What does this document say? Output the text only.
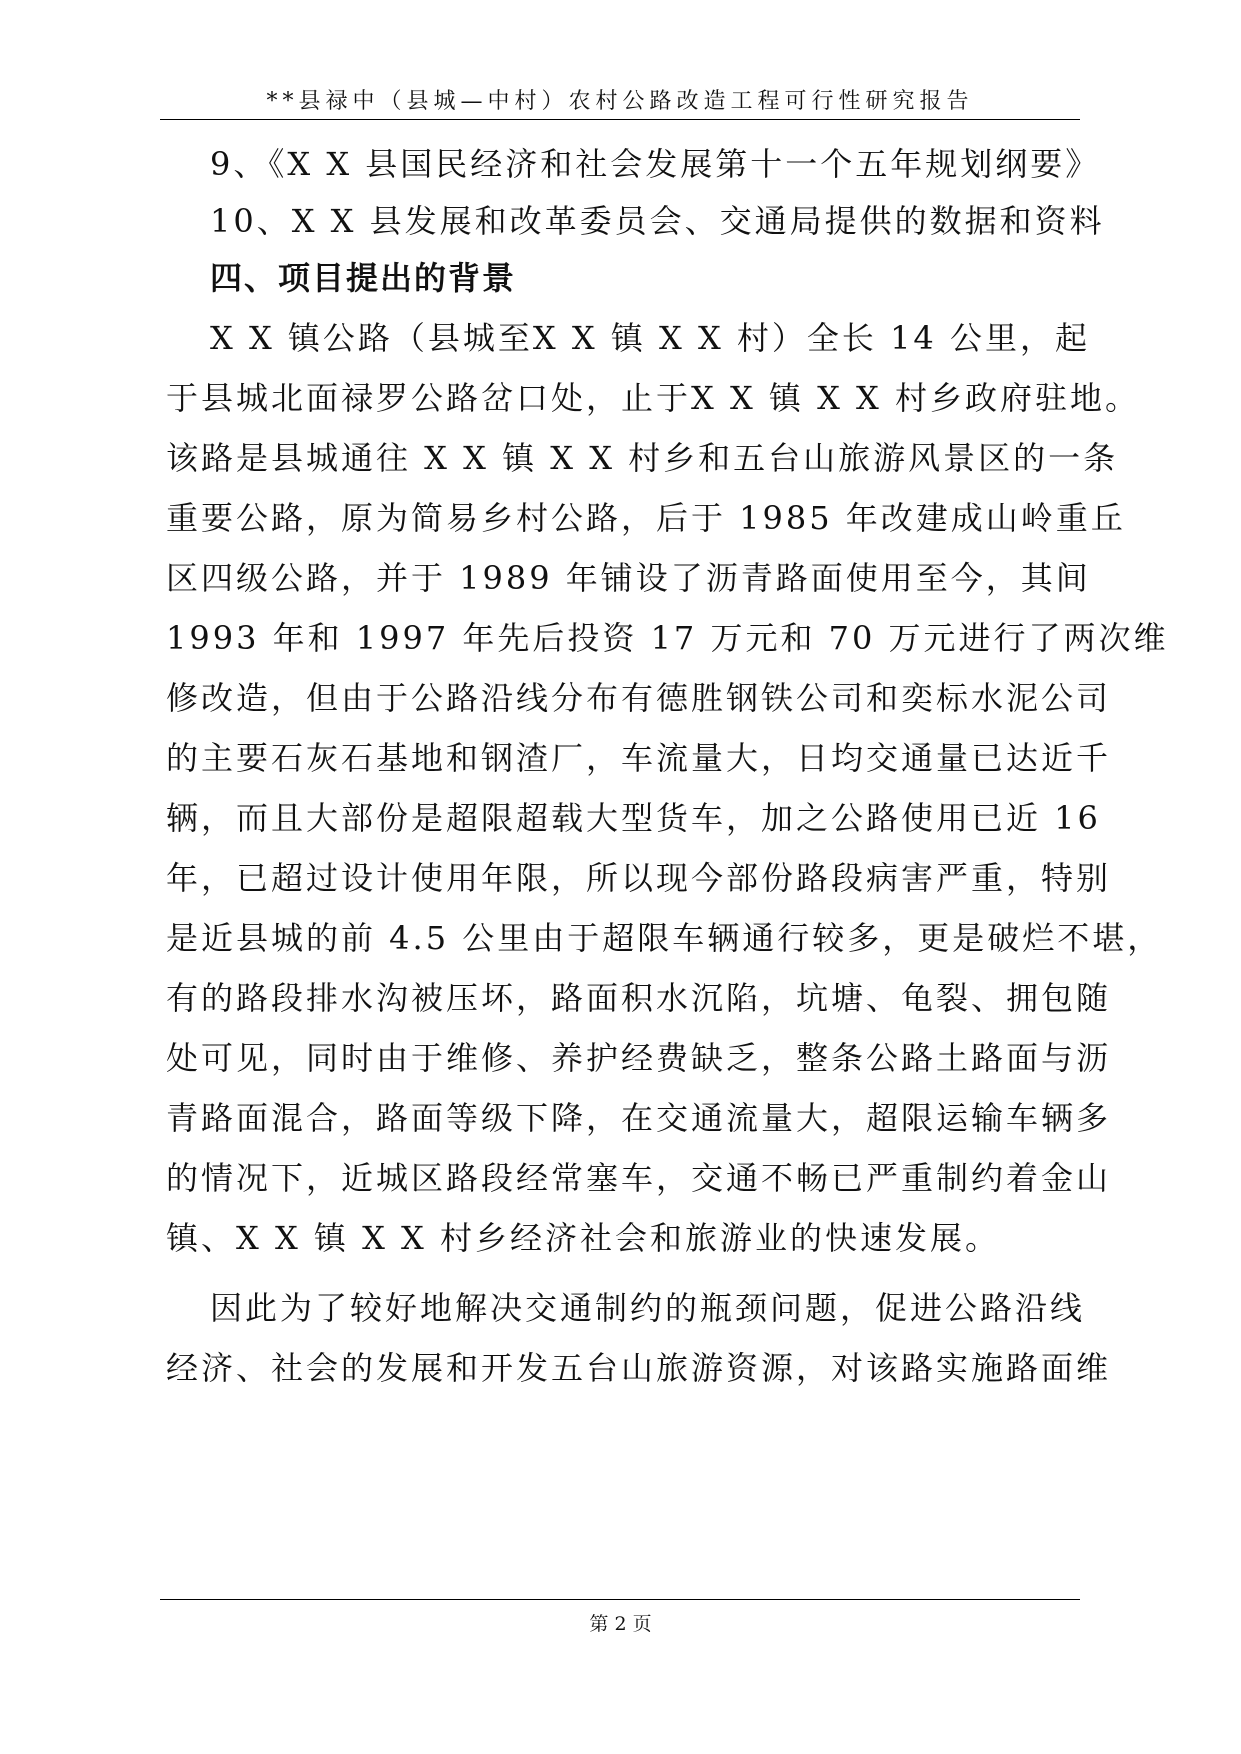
**县禄中（县城—中村）农村公路改造工程可行性研究报告
9、《X X 县国民经济和社会发展第十一个五年规划纲要》
10、X X 县发展和改革委员会、交通局提供的数据和资料
四、项目提出的背景
X X 镇公路（县城至X X 镇 X X 村）全长 14 公里，起
于县城北面禄罗公路岔口处，止于X X 镇 X X 村乡政府驻地。
该路是县城通往 X X 镇 X X 村乡和五台山旅游风景区的一条
重要公路，原为简易乡村公路，后于 1985 年改建成山岭重丘
区四级公路，并于 1989 年铺设了沥青路面使用至今，其间
1993 年和 1997 年先后投资 17 万元和 70 万元进行了两次维
修改造，但由于公路沿线分布有德胜钢铁公司和奕标水泥公司
的主要石灰石基地和钢渣厂，车流量大，日均交通量已达近千
辆，而且大部份是超限超载大型货车，加之公路使用已近 16
年，已超过设计使用年限，所以现今部份路段病害严重，特别
是近县城的前 4.5 公里由于超限车辆通行较多，更是破烂不堪，
有的路段排水沟被压坏，路面积水沉陷，坑塘、龟裂、拥包随
处可见，同时由于维修、养护经费缺乏，整条公路土路面与沥
青路面混合，路面等级下降，在交通流量大，超限运输车辆多
的情况下，近城区路段经常塞车，交通不畅已严重制约着金山
镇、X X 镇 X X 村乡经济社会和旅游业的快速发展。
因此为了较好地解决交通制约的瓶颈问题，促进公路沿线
经济、社会的发展和开发五台山旅游资源，对该路实施路面维
第 2 页
